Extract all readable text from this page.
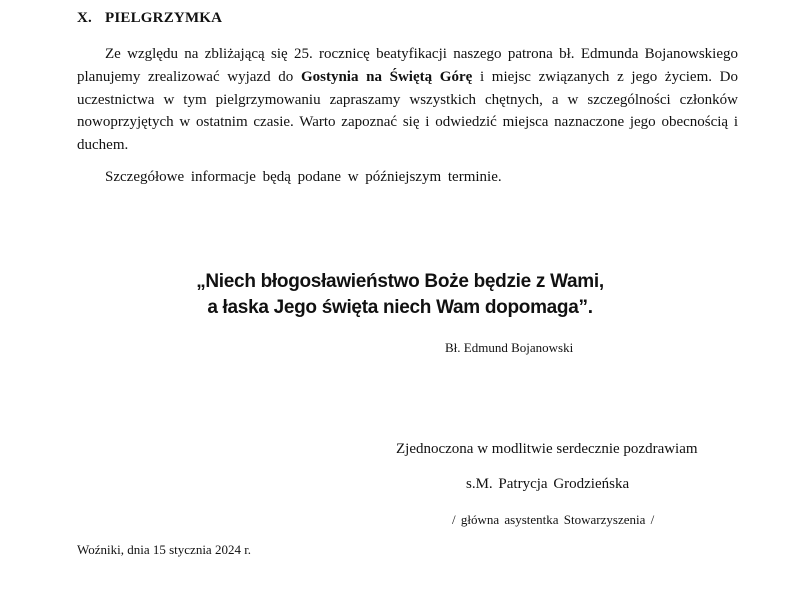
X. PIELGRZYMKA

Ze względu na zbliżającą się 25. rocznicę beatyfikacji naszego patrona bł. Edmunda Bojanowskiego planujemy zrealizować wyjazd do Gostynia na Świętą Górę i miejsc związanych z jego życiem. Do uczestnictwa w tym pielgrzymowaniu zapraszamy wszystkich chętnych, a w szczególności członków nowoprzyjętych w ostatnim czasie. Warto zapoznać się i odwiedzić miejsca naznaczone jego obecnością i duchem.

Szczegółowe informacje będą podane w późniejszym terminie.

„Niech błogosławieństwo Boże będzie z Wami,
a łaska Jego święta niech Wam dopomaga”.
Bł. Edmund Bojanowski
Zjednoczona w modlitwie serdecznie pozdrawiam
s.M. Patrycja Grodzieńska
/ główna asystentka Stowarzyszenia /
Woźniki, dnia 15 stycznia 2024 r.
